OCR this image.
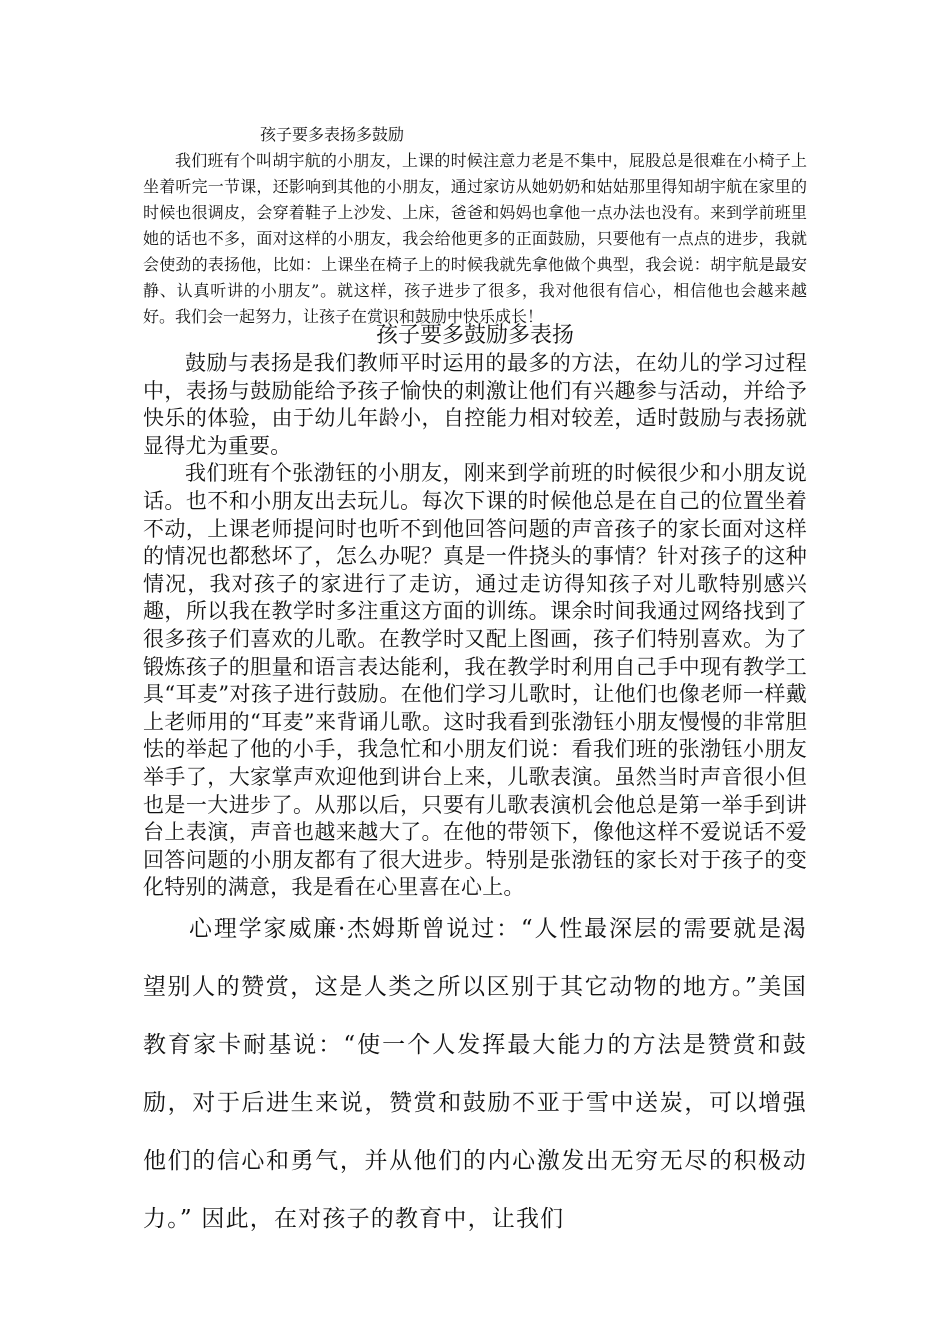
孩子要多表扬多鼓励

我们班有个叫胡宇航的小朋友，上课的时候注意力老是不集中，屁股总是很难在小椅子上坐着听完一节课，还影响到其他的小朋友，通过家访从她奶奶和姑姑那里得知胡宇航在家里的时候也很调皮，会穿着鞋子上沙发、上床，爸爸和妈妈也拿他一点办法也没有。来到学前班里她的话也不多，面对这样的小朋友，我会给他更多的正面鼓励，只要他有一点点的进步，我就会使劲的表扬他，比如：上课坐在椅子上的时候我就先拿他做个典型，我会说：胡宇航是最安静、认真听讲的小朋友”。就这样，孩子进步了很多，我对他很有信心，相信他也会越来越好。我们会一起努力，让孩子在赏识和鼓励中快乐成长！

孩子要多鼓励多表扬

鼓励与表扬是我们教师平时运用的最多的方法，在幼儿的学习过程中，表扬与鼓励能给予孩子愉快的刺激让他们有兴趣参与活动，并给予快乐的体验，由于幼儿年龄小，自控能力相对较差，适时鼓励与表扬就显得尤为重要。

我们班有个张渤钰的小朋友，刚来到学前班的时候很少和小朋友说话。也不和小朋友出去玩儿。每次下课的时候他总是在自己的位置坐着不动，上课老师提问时也听不到他回答问题的声音孩子的家长面对这样的情况也都愁坏了，怎么办呢？真是一件挠头的事情？针对孩子的这种情况，我对孩子的家进行了走访，通过走访得知孩子对儿歌特别感兴趣，所以我在教学时多注重这方面的训练。课余时间我通过网络找到了很多孩子们喜欢的儿歌。在教学时又配上图画，孩子们特别喜欢。为了锻炼孩子的胆量和语言表达能利，我在教学时利用自己手中现有教学工具“耳麦”对孩子进行鼓励。在他们学习儿歌时，让他们也像老师一样戴上老师用的“耳麦”来背诵儿歌。这时我看到张渤钰小朋友慢慢的非常胆怯的举起了他的小手，我急忙和小朋友们说：看我们班的张渤钰小朋友举手了，大家掌声欢迎他到讲台上来，儿歌表演。虽然当时声音很小但也是一大进步了。从那以后，只要有儿歌表演机会他总是第一举手到讲台上表演，声音也越来越大了。在他的带领下，像他这样不爱说话不爱回答问题的小朋友都有了很大进步。特别是张渤钰的家长对于孩子的变化特别的满意，我是看在心里喜在心上。

心理学家威廉·杰姆斯曾说过：“人性最深层的需要就是渴望别人的赞赏，这是人类之所以区别于其它动物的地方。”美国教育家卡耐基说：“使一个人发挥最大能力的方法是赞赏和鼓励，对于后进生来说，赞赏和鼓励不亚于雪中送炭，可以增强他们的信心和勇气，并从他们的内心激发出无穷无尽的积极动力。” 因此，在对孩子的教育中，让我们
